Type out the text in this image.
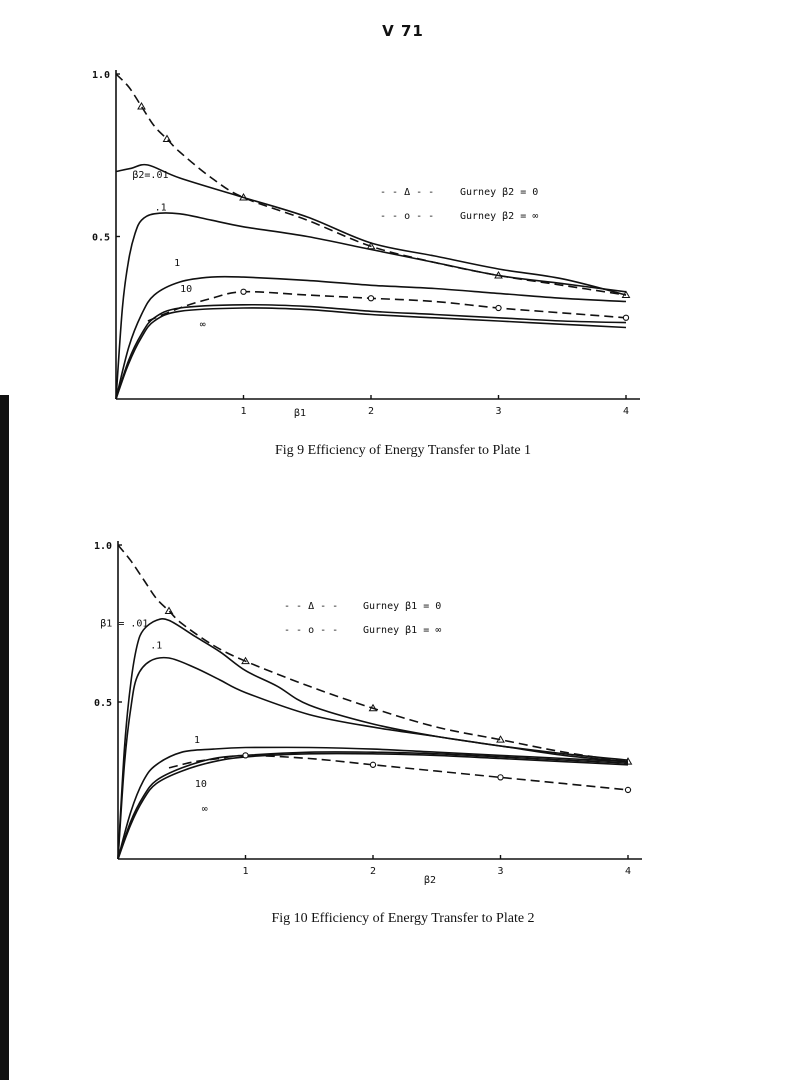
V 71
1	2	3	4
0.5
1.0
β1
β2=.01
.1
1
10
∞
- - Δ - -	Gurney β2 = 0
- - o - -	Gurney β2 = ∞
Fig 9 Efficiency of Energy Transfer to Plate 1
1	2	3	4
0.5
1.0
β2
β1 = .01
.1
1
10
∞
- - Δ - - Gurney β1 = 0
- - o - - Gurney β1 = ∞
Fig 10 Efficiency of Energy Transfer to Plate 2
